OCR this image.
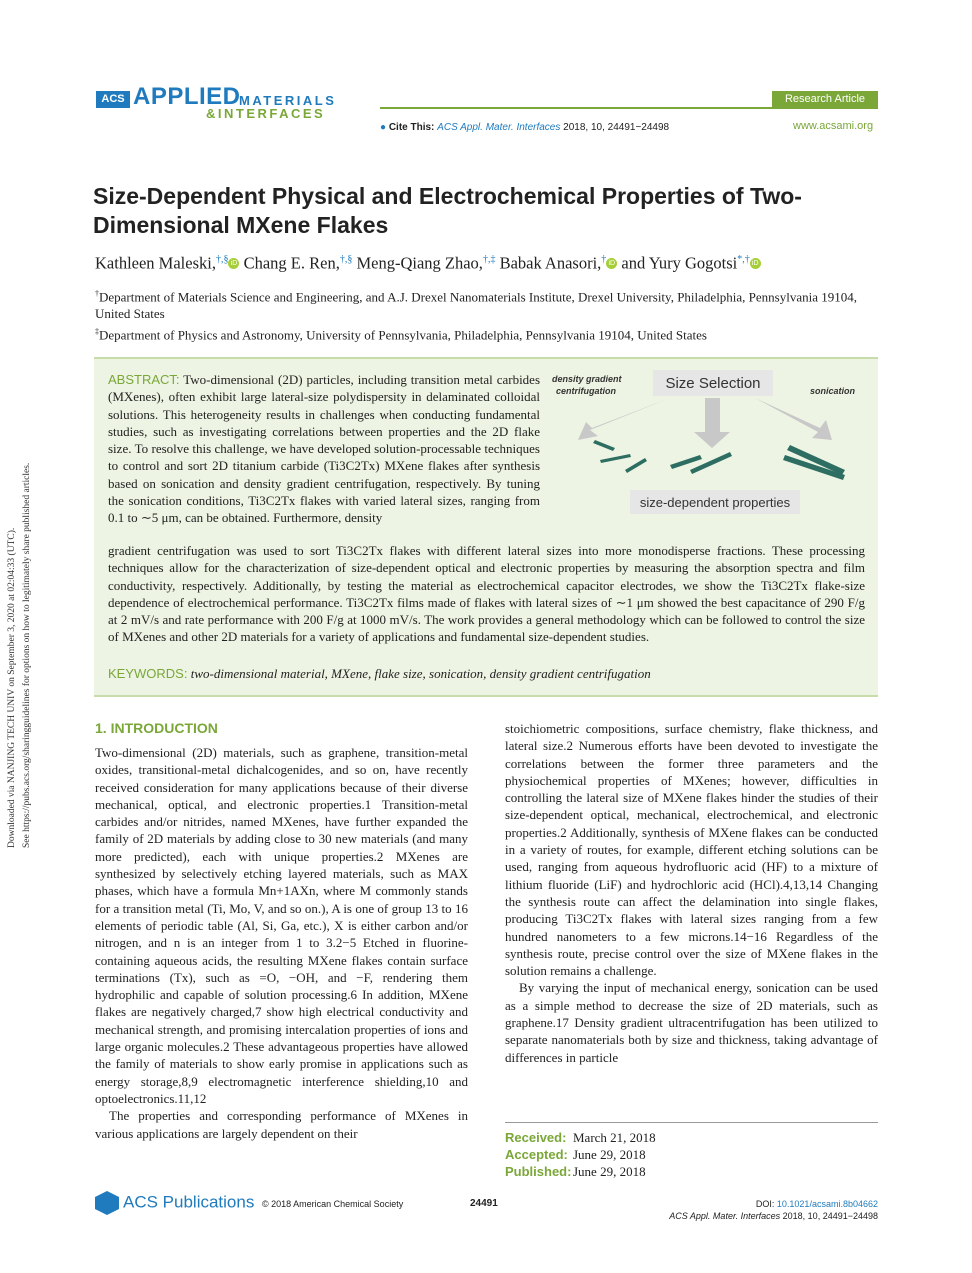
Downloaded via NANJING TECH UNIV on September 3, 2020 at 02:04:33 (UTC). See https://pubs.acs.org/sharingguidelines for options on how to legitimately share published articles.
ACS APPLIED
MATERIALS
&INTERFACES
Research Article
● Cite This: ACS Appl. Mater. Interfaces 2018, 10, 24491−24498	www.acsami.org
Size-Dependent Physical and Electrochemical Properties of Two-Dimensional MXene Flakes
Kathleen Maleski,†,§ iD Chang E. Ren,†,§ Meng-Qiang Zhao,†,‡ Babak Anasori,† iD and Yury Gogotsi*,† iD
†Department of Materials Science and Engineering, and A.J. Drexel Nanomaterials Institute, Drexel University, Philadelphia, Pennsylvania 19104, United States
‡Department of Physics and Astronomy, University of Pennsylvania, Philadelphia, Pennsylvania 19104, United States
ABSTRACT: Two-dimensional (2D) particles, including transition metal carbides (MXenes), often exhibit large lateral-size polydispersity in delaminated colloidal solutions. This heterogeneity results in challenges when conducting fundamental studies, such as investigating correlations between properties and the 2D flake size. To resolve this challenge, we have developed solution-processable techniques to control and sort 2D titanium carbide (Ti3C2Tx) MXene flakes after synthesis based on sonication and density gradient centrifugation, respectively. By tuning the sonication conditions, Ti3C2Tx flakes with varied lateral sizes, ranging from 0.1 to ∼5 μm, can be obtained. Furthermore, density
gradient centrifugation was used to sort Ti3C2Tx flakes with different lateral sizes into more monodisperse fractions. These processing techniques allow for the characterization of size-dependent optical and electronic properties by measuring the absorption spectra and film conductivity, respectively. Additionally, by testing the material as electrochemical capacitor electrodes, we show the Ti3C2Tx flake-size dependence of electrochemical performance. Ti3C2Tx films made of flakes with lateral sizes of ∼1 μm showed the best capacitance of 290 F/g at 2 mV/s and rate performance with 200 F/g at 1000 mV/s. The work provides a general methodology which can be followed to control the size of MXenes and other 2D materials for a variety of applications and fundamental size-dependent studies.
KEYWORDS: two-dimensional material, MXene, flake size, sonication, density gradient centrifugation
Size Selection
density gradient
centrifugation	sonication
size-dependent properties
1. INTRODUCTION

Two-dimensional (2D) materials, such as graphene, transition-metal oxides, transitional-metal dichalcogenides, and so on, have recently received consideration for many applications because of their diverse mechanical, optical, and electronic properties.1 Transition-metal carbides and/or nitrides, named MXenes, have further expanded the family of 2D materials by adding close to 30 new materials (and many more predicted), each with unique properties.2 MXenes are synthesized by selectively etching layered materials, such as MAX phases, which have a formula Mn+1AXn, where M commonly stands for a transition metal (Ti, Mo, V, and so on.), A is one of group 13 to 16 elements of periodic table (Al, Si, Ga, etc.), X is either carbon and/or nitrogen, and n is an integer from 1 to 3.2−5 Etched in fluorine-containing aqueous acids, the resulting MXene flakes contain surface terminations (Tx), such as =O, −OH, and −F, rendering them hydrophilic and capable of solution processing.6 In addition, MXene flakes are negatively charged,7 show high electrical conductivity and mechanical strength, and promising intercalation properties of ions and large organic molecules.2 These advantageous properties have allowed the family of materials to show early promise in applications such as energy storage,8,9 electromagnetic interference shielding,10 and optoelectronics.11,12

The properties and corresponding performance of MXenes in various applications are largely dependent on their

stoichiometric compositions, surface chemistry, flake thickness, and lateral size.2 Numerous efforts have been devoted to investigate the correlations between the former three parameters and the physiochemical properties of MXenes; however, difficulties in controlling the lateral size of MXene flakes hinder the studies of their size-dependent optical, mechanical, electrochemical, and electronic properties.2 Additionally, synthesis of MXene flakes can be conducted in a variety of routes, for example, different etching solutions can be used, ranging from aqueous hydrofluoric acid (HF) to a mixture of lithium fluoride (LiF) and hydrochloric acid (HCl).4,13,14 Changing the synthesis route can affect the delamination into single flakes, producing Ti3C2Tx flakes with lateral sizes ranging from a few hundred nanometers to a few microns.14−16 Regardless of the synthesis route, precise control over the size of MXene flakes in the solution remains a challenge.

By varying the input of mechanical energy, sonication can be used as a simple method to decrease the size of 2D materials, such as graphene.17 Density gradient ultracentrifugation has been utilized to separate nanomaterials both by size and thickness, taking advantage of differences in particle

Received: March 21, 2018
Accepted: June 29, 2018
Published: June 29, 2018
ACS Publications © 2018 American Chemical Society	24491	DOI: 10.1021/acsami.8b04662
ACS Appl. Mater. Interfaces 2018, 10, 24491−24498
